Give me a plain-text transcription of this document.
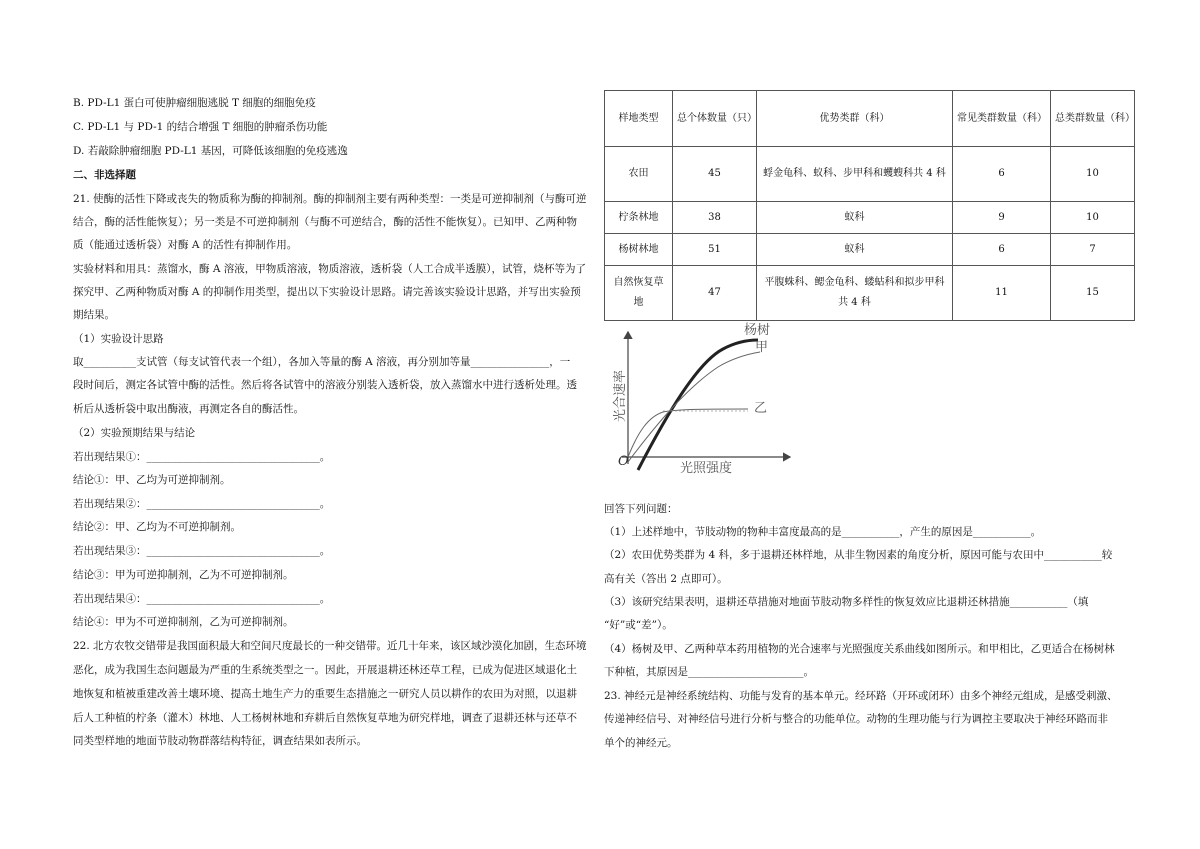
B. PD-L1 蛋白可使肿瘤细胞逃脱 T 细胞的细胞免疫
C. PD-L1 与 PD-1 的结合增强 T 细胞的肿瘤杀伤功能
D. 若敲除肿瘤细胞 PD-L1 基因，可降低该细胞的免疫逃逸
二、非选择题
21. 使酶的活性下降或丧失的物质称为酶的抑制剂。酶的抑制剂主要有两种类型：一类是可逆抑制剂（与酶可逆
结合，酶的活性能恢复）；另一类是不可逆抑制剂（与酶不可逆结合，酶的活性不能恢复）。已知甲、乙两种物
质（能通过透析袋）对酶 A 的活性有抑制作用。
实验材料和用具：蒸馏水，酶 A 溶液，甲物质溶液，物质溶液，透析袋（人工合成半透膜），试管，烧杯等为了
探究甲、乙两种物质对酶 A 的抑制作用类型，提出以下实验设计思路。请完善该实验设计思路，并写出实验预
期结果。
（1）实验设计思路
取__________支试管（每支试管代表一个组），各加入等量的酶 A 溶液，再分别加等量_______________，一
段时间后，测定各试管中酶的活性。然后将各试管中的溶液分别装入透析袋，放入蒸馏水中进行透析处理。透
析后从透析袋中取出酶液，再测定各自的酶活性。
（2）实验预期结果与结论
若出现结果①：_________________________________。
结论①：甲、乙均为可逆抑制剂。
若出现结果②：_________________________________。
结论②：甲、乙均为不可逆抑制剂。
若出现结果③：_________________________________。
结论③：甲为可逆抑制剂，乙为不可逆抑制剂。
若出现结果④：_________________________________。
结论④：甲为不可逆抑制剂，乙为可逆抑制剂。
22. 北方农牧交错带是我国面积最大和空间尺度最长的一种交错带。近几十年来，该区域沙漠化加剧，生态环境
恶化，成为我国生态问题最为严重的生系统类型之一。因此，开展退耕还林还草工程，已成为促进区域退化土
地恢复和植被重建改善土壤环境、提高土地生产力的重要生态措施之一研究人员以耕作的农田为对照，以退耕
后人工种植的柠条（灌木）林地、人工杨树林地和弃耕后自然恢复草地为研究样地，调查了退耕还林与还草不
同类型样地的地面节肢动物群落结构特征，调查结果如表所示。
样地类型	总个体数量（只）	优势类群（科）	常见类群数量（科）	总类群数量（科）
农田	45	蜉金龟科、蚁科、步甲科和蠼螋科共 4 科	6	10
柠条林地	38	蚁科	9	10
杨树林地	51	蚁科	6	7
自然恢复草地	47	平腹蛛科、鳃金龟科、蝼蛄科和拟步甲科共 4 科	11	15
O
光合速率
光照强度
杨树
甲
乙
回答下列问题：
（1）上述样地中，节肢动物的物种丰富度最高的是___________，产生的原因是___________。
（2）农田优势类群为 4 科，多于退耕还林样地，从非生物因素的角度分析，原因可能与农田中___________较
高有关（答出 2 点即可）。
（3）该研究结果表明，退耕还草措施对地面节肢动物多样性的恢复效应比退耕还林措施___________（填
“好”或“差”）。
（4）杨树及甲、乙两种草本药用植物的光合速率与光照强度关系曲线如图所示。和甲相比，乙更适合在杨树林
下种植，其原因是______________________。
23. 神经元是神经系统结构、功能与发育的基本单元。经环路（开环或闭环）由多个神经元组成，是感受刺激、
传递神经信号、对神经信号进行分析与整合的功能单位。动物的生理功能与行为调控主要取决于神经环路而非
单个的神经元。
